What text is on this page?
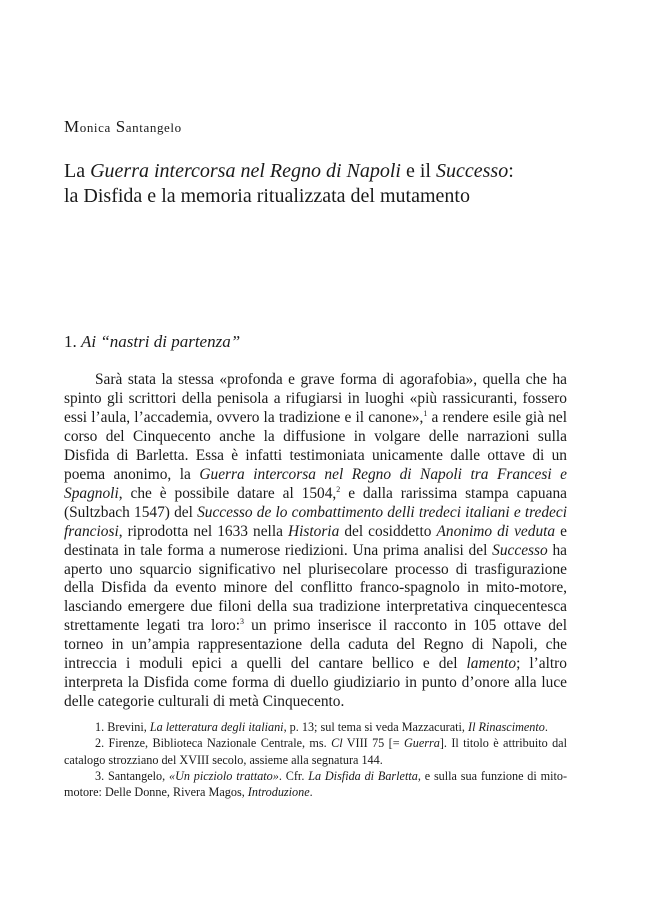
Monica Santangelo
La Guerra intercorsa nel Regno di Napoli e il Successo:
la Disfida e la memoria ritualizzata del mutamento
1. Ai “nastri di partenza”

Sarà stata la stessa «profonda e grave forma di agorafobia», quella che ha spinto gli scrittori della penisola a rifugiarsi in luoghi «più rassicuranti, fossero essi l’aula, l’accademia, ovvero la tradizione e il canone»,$^1$ a rendere esile già nel corso del Cinquecento anche la diffusione in volgare delle narrazioni sulla Disfida di Barletta. Essa è infatti testimoniata unicamente dalle ottave di un poema anonimo, la Guerra intercorsa nel Regno di Napoli tra Francesi e Spagnoli, che è possibile datare al 1504,$^2$ e dalla rarissima stampa capuana (Sultzbach 1547) del Successo de lo combattimento delli tredeci italiani e tredeci franciosi, riprodotta nel 1633 nella Historia del cosiddetto Anonimo di veduta e destinata in tale forma a numerose riedizioni. Una prima analisi del Successo ha aperto uno squarcio significativo nel plurisecolare processo di trasfigurazione della Disfida da evento minore del conflitto franco-spagnolo in mito-motore, lasciando emergere due filoni della sua tradizione interpretativa cinquecentesca strettamente legati tra loro:$^3$ un primo inserisce il racconto in 105 ottave del torneo in un’ampia rappresentazione della caduta del Regno di Napoli, che intreccia i moduli epici a quelli del cantare bellico e del lamento; l’altro interpreta la Disfida come forma di duello giudiziario in punto d’onore alla luce delle categorie culturali di metà Cinquecento.

1. Brevini, La letteratura degli italiani, p. 13; sul tema si veda Mazzacurati, Il Rinascimento.

2. Firenze, Biblioteca Nazionale Centrale, ms. Cl VIII 75 [= Guerra]. Il titolo è attribuito dal catalogo strozziano del XVIII secolo, assieme alla segnatura 144.

3. Santangelo, «Un picziolo trattato». Cfr. La Disfida di Barletta, e sulla sua funzione di mito-motore: Delle Donne, Rivera Magos, Introduzione.
